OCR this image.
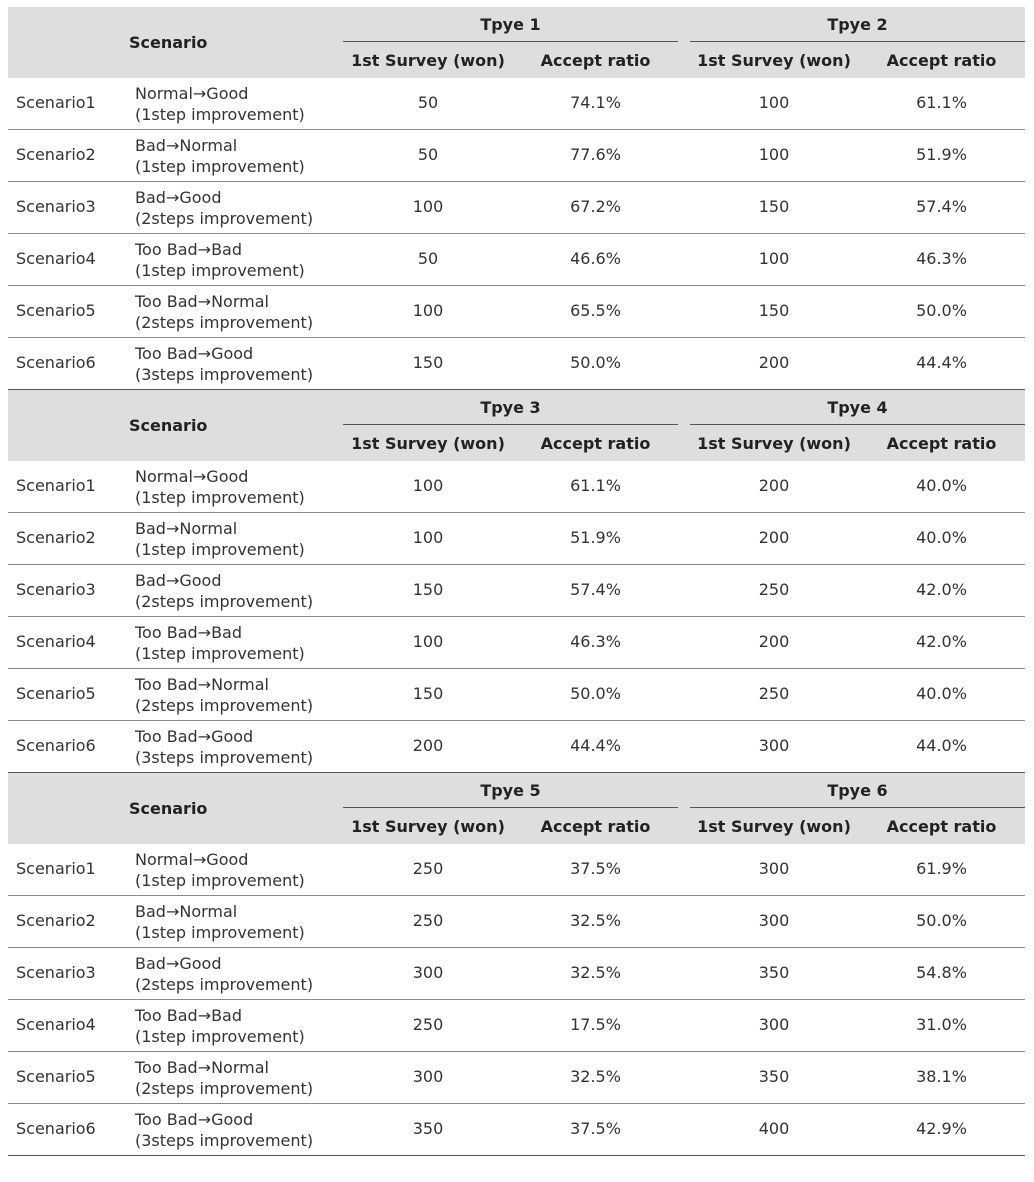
Scenario
Tpye 1	Tpye 2
1st Survey (won)	Accept ratio	1st Survey (won)	Accept ratio
Scenario1 Normal→Good
(1step improvement)
50	74.1%	100	61.1%
Scenario2 Bad→Normal
(1step improvement)
50	77.6%	100	51.9%
Scenario3 Bad→Good
(2steps improvement)
100	67.2%	150	57.4%
Scenario4 Too Bad→Bad
(1step improvement)
50	46.6%	100	46.3%
Scenario5 Too Bad→Normal
(2steps improvement)
100	65.5%	150	50.0%
Scenario6 Too Bad→Good
(3steps improvement)
150	50.0%	200	44.4%
Scenario
Tpye 3	Tpye 4
1st Survey (won)	Accept ratio	1st Survey (won)	Accept ratio
Scenario1 Normal→Good
(1step improvement)
100	61.1%	200	40.0%
Scenario2 Bad→Normal
(1step improvement)
100	51.9%	200	40.0%
Scenario3 Bad→Good
(2steps improvement)
150	57.4%	250	42.0%
Scenario4 Too Bad→Bad
(1step improvement)
100	46.3%	200	42.0%
Scenario5 Too Bad→Normal
(2steps improvement)
150	50.0%	250	40.0%
Scenario6 Too Bad→Good
(3steps improvement)
200	44.4%	300	44.0%
Scenario
Tpye 5	Tpye 6
1st Survey (won)	Accept ratio	1st Survey (won)	Accept ratio
Scenario1 Normal→Good
(1step improvement)
250	37.5%	300	61.9%
Scenario2 Bad→Normal
(1step improvement)
250	32.5%	300	50.0%
Scenario3 Bad→Good
(2steps improvement)
300	32.5%	350	54.8%
Scenario4 Too Bad→Bad
(1step improvement)
250	17.5%	300	31.0%
Scenario5 Too Bad→Normal
(2steps improvement)
300	32.5%	350	38.1%
Scenario6 Too Bad→Good
(3steps improvement)
350	37.5%	400	42.9%
